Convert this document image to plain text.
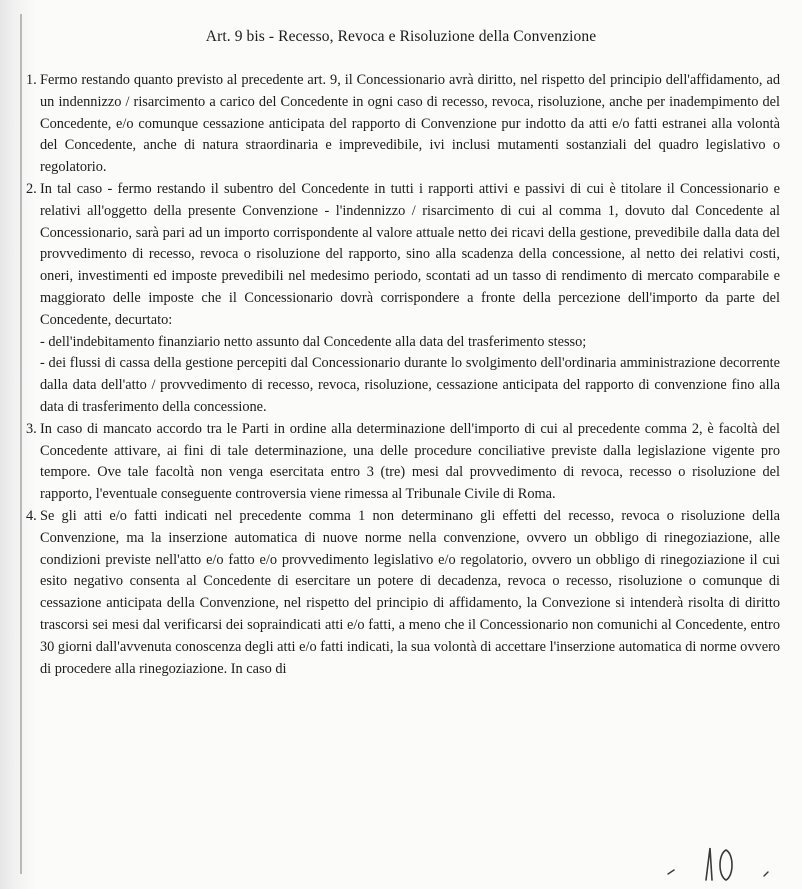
Art. 9 bis - Recesso, Revoca e Risoluzione della Convenzione
1. Fermo restando quanto previsto al precedente art. 9, il Concessionario avrà diritto, nel rispetto del principio dell'affidamento, ad un indennizzo / risarcimento a carico del Concedente in ogni caso di recesso, revoca, risoluzione, anche per inadempimento del Concedente, e/o comunque cessazione anticipata del rapporto di Convenzione pur indotto da atti e/o fatti estranei alla volontà del Concedente, anche di natura straordinaria e imprevedibile, ivi inclusi mutamenti sostanziali del quadro legislativo o regolatorio.

2. In tal caso - fermo restando il subentro del Concedente in tutti i rapporti attivi e passivi di cui è titolare il Concessionario e relativi all'oggetto della presente Convenzione - l'indennizzo / risarcimento di cui al comma 1, dovuto dal Concedente al Concessionario, sarà pari ad un importo corrispondente al valore attuale netto dei ricavi della gestione, prevedibile dalla data del provvedimento di recesso, revoca o risoluzione del rapporto, sino alla scadenza della concessione, al netto dei relativi costi, oneri, investimenti ed imposte prevedibili nel medesimo periodo, scontati ad un tasso di rendimento di mercato comparabile e maggiorato delle imposte che il Concessionario dovrà corrispondere a fronte della percezione dell'importo da parte del Concedente, decurtato:

- dell'indebitamento finanziario netto assunto dal Concedente alla data del trasferimento stesso;

- dei flussi di cassa della gestione percepiti dal Concessionario durante lo svolgimento dell'ordinaria amministrazione decorrente dalla data dell'atto / provvedimento di recesso, revoca, risoluzione, cessazione anticipata del rapporto di convenzione fino alla data di trasferimento della concessione.

3. In caso di mancato accordo tra le Parti in ordine alla determinazione dell'importo di cui al precedente comma 2, è facoltà del Concedente attivare, ai fini di tale determinazione, una delle procedure conciliative previste dalla legislazione vigente pro tempore. Ove tale facoltà non venga esercitata entro 3 (tre) mesi dal provvedimento di revoca, recesso o risoluzione del rapporto, l'eventuale conseguente controversia viene rimessa al Tribunale Civile di Roma.

4. Se gli atti e/o fatti indicati nel precedente comma 1 non determinano gli effetti del recesso, revoca o risoluzione della Convenzione, ma la inserzione automatica di nuove norme nella convenzione, ovvero un obbligo di rinegoziazione, alle condizioni previste nell'atto e/o fatto e/o provvedimento legislativo e/o regolatorio, ovvero un obbligo di rinegoziazione il cui esito negativo consenta al Concedente di esercitare un potere di decadenza, revoca o recesso, risoluzione o comunque di cessazione anticipata della Convenzione, nel rispetto del principio di affidamento, la Convezione si intenderà risolta di diritto trascorsi sei mesi dal verificarsi dei sopraindicati atti e/o fatti, a meno che il Concessionario non comunichi al Concedente, entro 30 giorni dall'avvenuta conoscenza degli atti e/o fatti indicati, la sua volontà di accettare l'inserzione automatica di norme ovvero di procedere alla rinegoziazione. In caso di
